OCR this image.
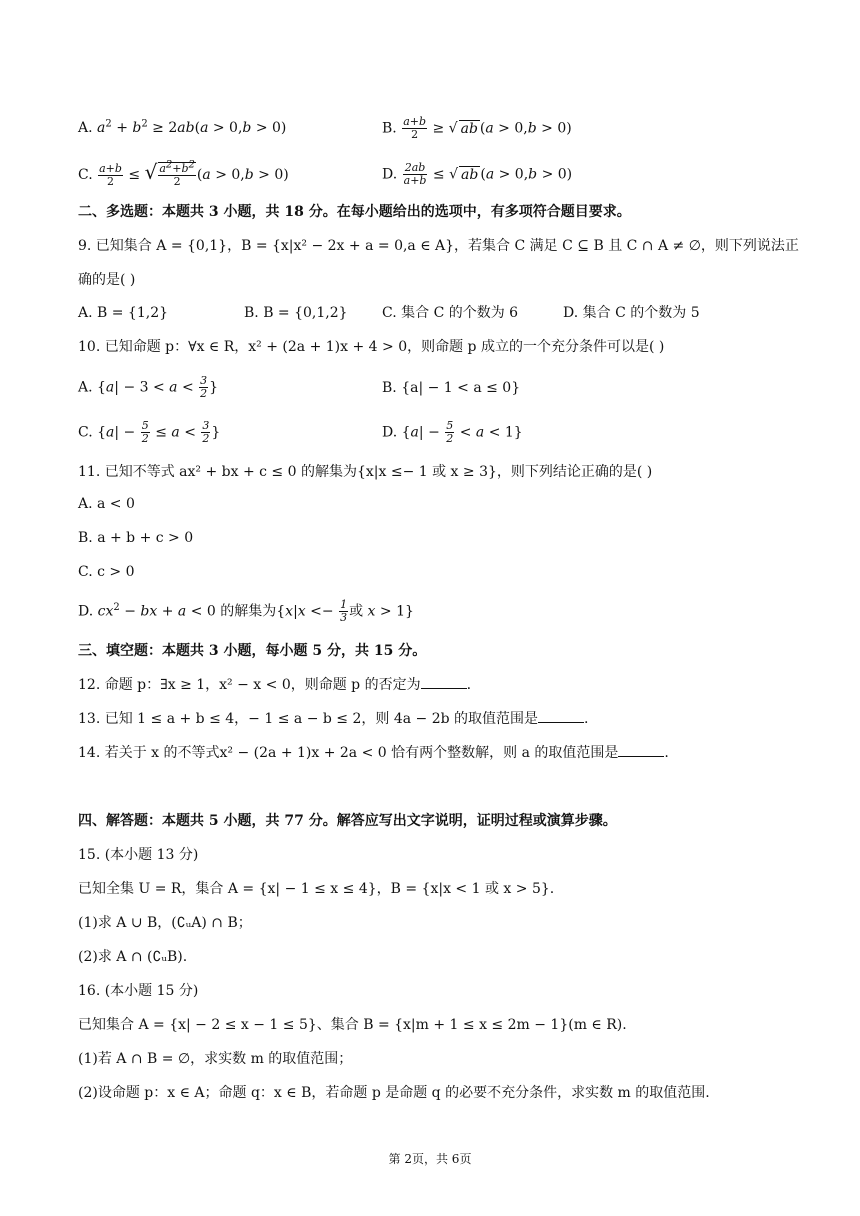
A. $a^2 + b^2 \ge 2ab(a > 0,b > 0)$	B. $\frac{a+b}{2}$ ≥ √ ab (a > 0,b > 0)
C. $\frac{a+b}{2}$ ≤ √ $\frac{a^2+b^2}{2} (a > 0,b > 0)$	D. $\frac{2ab}{a+b}$ ≤ √ ab (a > 0,b > 0)
二、多选题：本题共 3 小题，共 18 分。在每小题给出的选项中，有多项符合题目要求。
9. 已知集合 A = {0,1}，B = {x|x² − 2x + a = 0,a ∈ A}，若集合 C 满足 C ⊆ B 且 C ∩ A ≠ ∅，则下列说法正
确的是( )
A. B = {1,2}	B. B = {0,1,2} C. 集合 C 的个数为 6	D. 集合 C 的个数为 5
10. 已知命题 p：∀x ∈ R，x² + (2a + 1)x + 4 > 0，则命题 p 成立的一个充分条件可以是( )
A. {$a| - 3 < a < \frac{3}{2}$ }	B. {a| − 1 < a ≤ 0}
C. {$a| - \frac{5}{2} \le a < \frac{3}{2}$ }	D. $\{a| - \frac{5}{2} < a < 1\}$
11. 已知不等式 ax² + bx + c ≤ 0 的解集为{x|x ≤− 1 或 x ≥ 3}，则下列结论正确的是( )
A. a < 0
B. a + b + c > 0
C. c > 0
D. $cx^2$ − bx + a < 0 的解集为{$x|x <- \frac{1}{3}$ 或 x > 1}
三、填空题：本题共 3 小题，每小题 5 分，共 15 分。
12. 命题 p：∃x ≥ 1，x² − x < 0，则命题 p 的否定为	.
13. 已知 1 ≤ a + b ≤ 4，− 1 ≤ a − b ≤ 2，则 4a − 2b 的取值范围是	.
14. 若关于 x 的不等式x² − (2a + 1)x + 2a < 0 恰有两个整数解，则 a 的取值范围是	.
四、解答题：本题共 5 小题，共 77 分。解答应写出文字说明，证明过程或演算步骤。
15. (本小题 13 分)
已知全集 U = R，集合 A = {x| − 1 ≤ x ≤ 4}，B = {x|x < 1 或 x > 5}.
(1)求 A ∪ B，(∁ᵤA) ∩ B；
(2)求 A ∩ (∁ᵤB).
16. (本小题 15 分)
已知集合 A = {x| − 2 ≤ x − 1 ≤ 5}、集合 B = {x|m + 1 ≤ x ≤ 2m − 1}(m ∈ R).
(1)若 A ∩ B = ∅，求实数 m 的取值范围；
(2)设命题 p：x ∈ A；命题 q：x ∈ B，若命题 p 是命题 q 的必要不充分条件，求实数 m 的取值范围.
第 2页，共 6页
